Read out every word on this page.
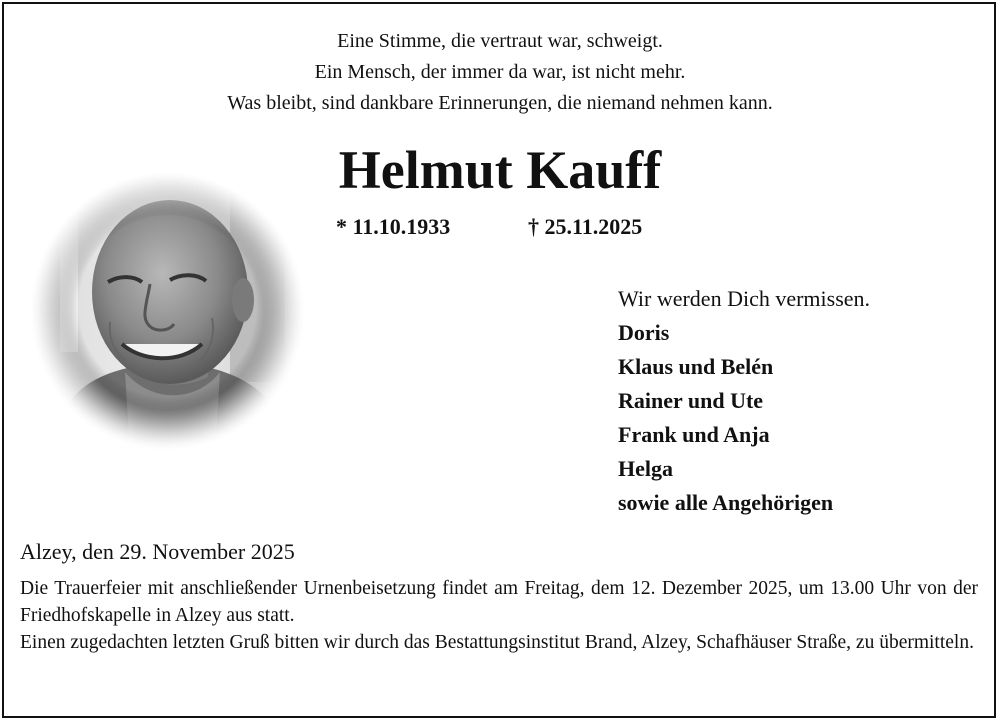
Eine Stimme, die vertraut war, schweigt.
Ein Mensch, der immer da war, ist nicht mehr.
Was bleibt, sind dankbare Erinnerungen, die niemand nehmen kann.
Helmut Kauff
* 11.10.1933	† 25.11.2025
Wir werden Dich vermissen.
Doris
Klaus und Belén
Rainer und Ute
Frank und Anja
Helga
sowie alle Angehörigen
Alzey, den 29. November 2025
Die Trauerfeier mit anschließender Urnenbeisetzung findet am Freitag, dem 12. Dezember 2025, um 13.00 Uhr von der Friedhofskapelle in Alzey aus statt.
Einen zugedachten letzten Gruß bitten wir durch das Bestattungsinstitut Brand, Alzey, Schafhäuser Straße, zu übermitteln.
